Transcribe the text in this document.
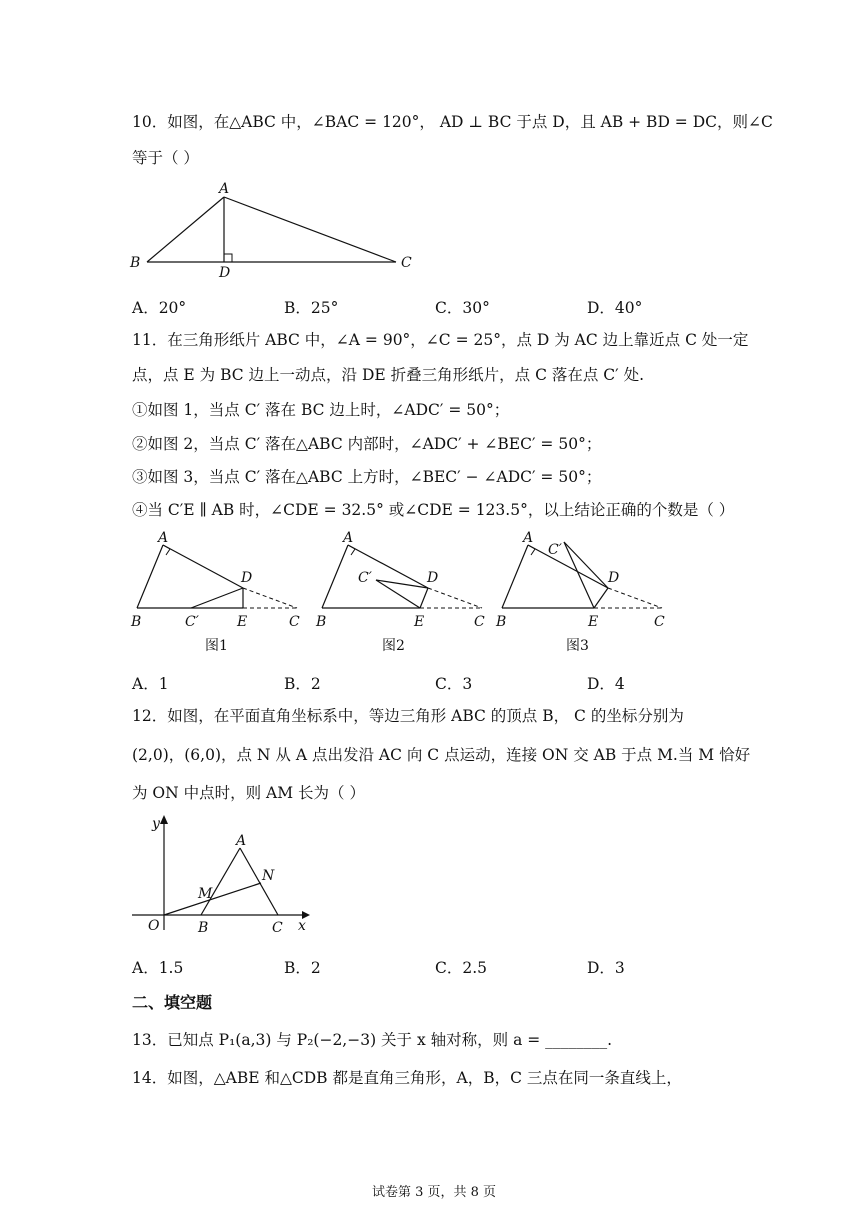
10．如图，在△ABC 中，∠BAC = 120°， AD ⊥ BC 于点 D，且 AB + BD = DC，则∠C
等于（ ）
A
B	C
D
A．20°	B．25°	C．30°	D．40°
11．在三角形纸片 ABC 中，∠A = 90°，∠C = 25°，点 D 为 AC 边上靠近点 C 处一定
点，点 E 为 BC 边上一动点，沿 DE 折叠三角形纸片，点 C 落在点 C′ 处.
①如图 1，当点 C′ 落在 BC 边上时，∠ADC′ = 50°；
②如图 2，当点 C′ 落在△ABC 内部时，∠ADC′ + ∠BEC′ = 50°；
③如图 3，当点 C′ 落在△ABC 上方时，∠BEC′ − ∠ADC′ = 50°；
④当 C′E ∥ AB 时，∠CDE = 32.5° 或∠CDE = 123.5°，以上结论正确的个数是（ ）
A
B
D
C′	E	C
图1
A
B
C′	D
E	C
图2
A
C′
D
B	E	C
图3
A．1	B．2	C．3	D．4
12．如图，在平面直角坐标系中，等边三角形 ABC 的顶点 B， C 的坐标分别为
(2,0)，(6,0)，点 N 从 A 点出发沿 AC 向 C 点运动，连接 ON 交 AB 于点 M.当 M 恰好
为 ON 中点时，则 AM 长为（ ）
A
B	C
M
N
O	x
y
A．1.5	B．2	C．2.5	D．3
二、填空题
13．已知点 P₁(a,3) 与 P₂(−2,−3) 关于 x 轴对称，则 a = ________.
14．如图，△ABE 和△CDB 都是直角三角形，A，B，C 三点在同一条直线上，
试卷第 3 页，共 8 页
